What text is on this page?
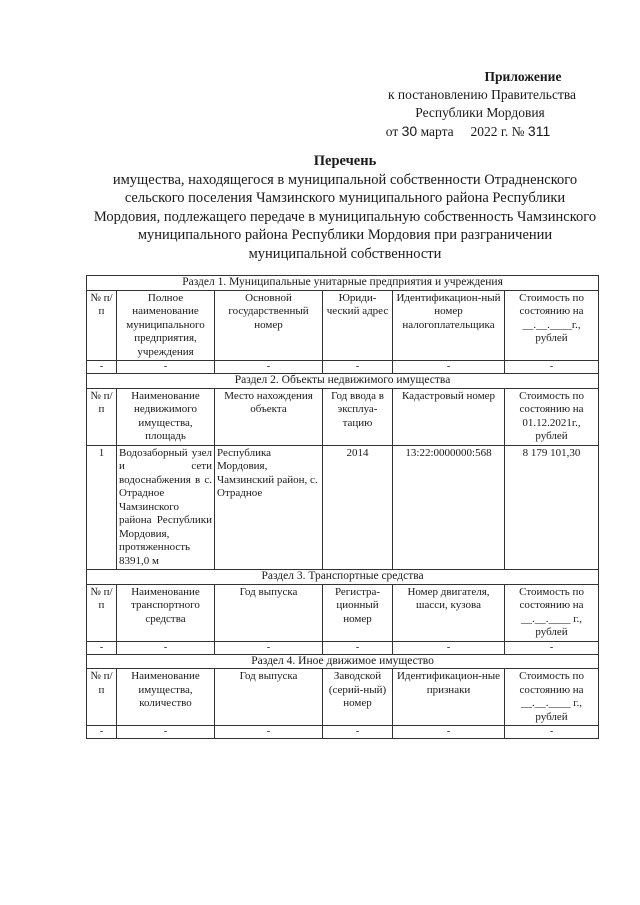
Приложение
к постановлению Правительства
Республики Мордовия
от 30 марта 2022 г. № 311
Перечень
имущества, находящегося в муниципальной собственности Отрадненского сельского поселения Чамзинского муниципального района Республики Мордовия, подлежащего передаче в муниципальную собственность Чамзинского муниципального района Республики Мордовия при разграничении муниципальной собственности
Раздел 1. Муниципальные унитарные предприятия и учреждения					
№ п/п	Полное наименование муниципального предприятия, учреждения	Основной государственный номер	Юриди-ческий адрес	Идентификацион-ный номер налогоплательщика	Стоимость по состоянию на __.__.____г., рублей
-	-	-	-	-	-
Раздел 2. Объекты недвижимого имущества					
№ п/п	Наименование недвижимого имущества, площадь	Место нахождения объекта	Год ввода в эксплуа-тацию	Кадастровый номер	Стоимость по состоянию на 01.12.2021г., рублей
1	Водозаборный узел и сети водоснабжения в с. Отрадное Чамзинского района Республики Мордовия, протяженность 8391,0 м	Республика Мордовия, Чамзинский район, с. Отрадное	2014	13:22:0000000:568	8 179 101,30
Раздел 3. Транспортные средства					
№ п/п	Наименование транспортного средства	Год выпуска	Регистра-ционный номер	Номер двигателя, шасси, кузова	Стоимость по состоянию на __.__.____ г., рублей
-	-	-	-	-	-
Раздел 4. Иное движимое имущество					
№ п/п	Наименование имущества, количество	Год выпуска	Заводской (серий-ный) номер	Идентификацион-ные признаки	Стоимость по состоянию на __.__.____ г., рублей
-	-	-	-	-	-
